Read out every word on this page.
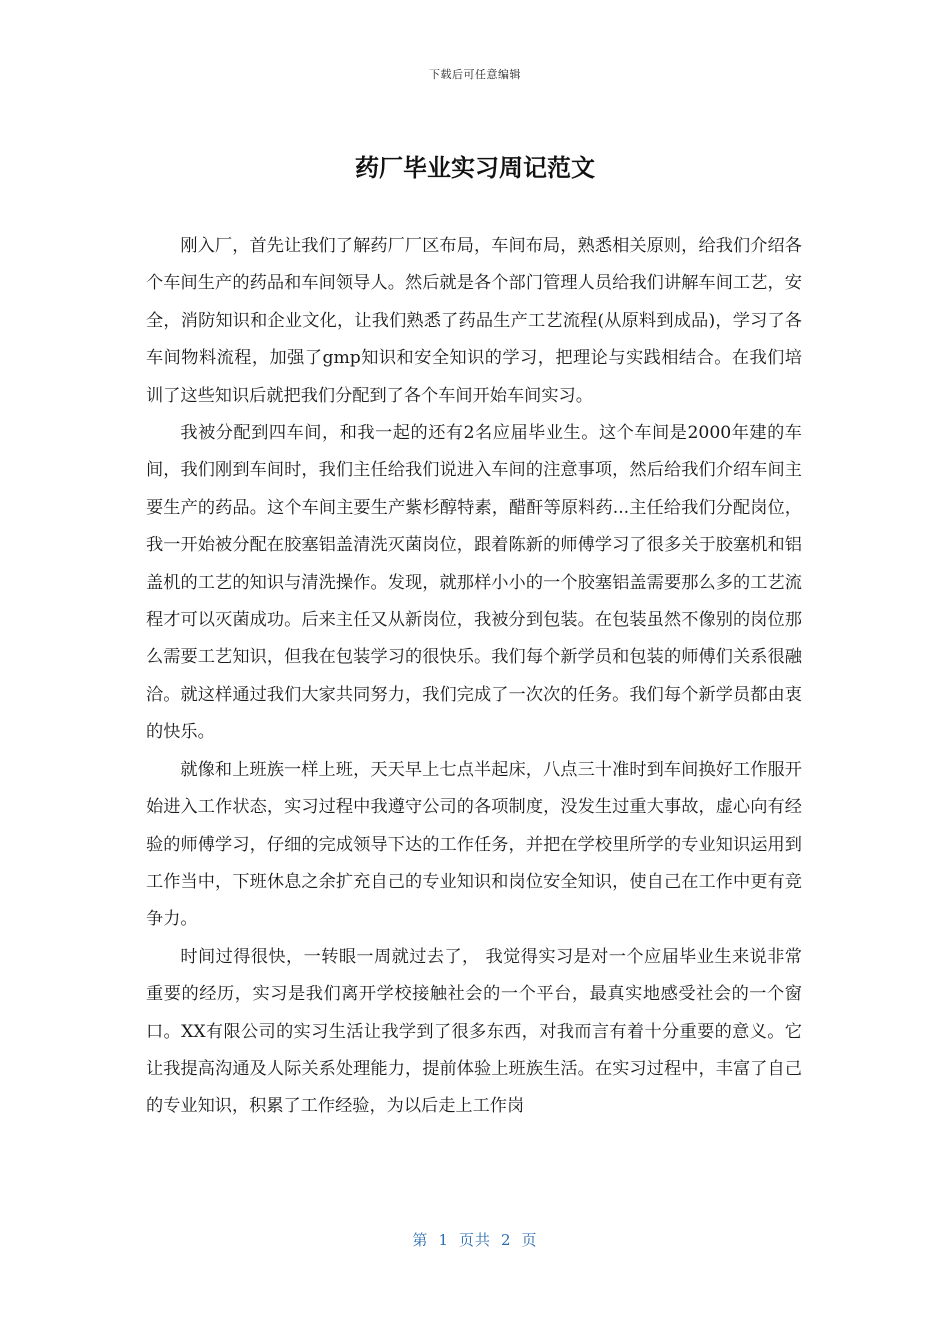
下载后可任意编辑
药厂毕业实习周记范文

刚入厂，首先让我们了解药厂厂区布局，车间布局，熟悉相关原则，给我们介绍各个车间生产的药品和车间领导人。然后就是各个部门管理人员给我们讲解车间工艺，安全，消防知识和企业文化，让我们熟悉了药品生产工艺流程(从原料到成品)，学习了各车间物料流程，加强了gmp知识和安全知识的学习，把理论与实践相结合。在我们培训了这些知识后就把我们分配到了各个车间开始车间实习。

我被分配到四车间，和我一起的还有2名应届毕业生。这个车间是2000年建的车间，我们刚到车间时，我们主任给我们说进入车间的注意事项，然后给我们介绍车间主要生产的药品。这个车间主要生产紫杉醇特素，醋酐等原料药...主任给我们分配岗位，我一开始被分配在胶塞铝盖清洗灭菌岗位，跟着陈新的师傅学习了很多关于胶塞机和铝盖机的工艺的知识与清洗操作。发现，就那样小小的一个胶塞铝盖需要那么多的工艺流程才可以灭菌成功。后来主任又从新岗位，我被分到包装。在包装虽然不像别的岗位那么需要工艺知识，但我在包装学习的很快乐。我们每个新学员和包装的师傅们关系很融洽。就这样通过我们大家共同努力，我们完成了一次次的任务。我们每个新学员都由衷的快乐。

就像和上班族一样上班，天天早上七点半起床，八点三十准时到车间换好工作服开始进入工作状态，实习过程中我遵守公司的各项制度，没发生过重大事故，虚心向有经验的师傅学习，仔细的完成领导下达的工作任务，并把在学校里所学的专业知识运用到工作当中，下班休息之余扩充自己的专业知识和岗位安全知识，使自己在工作中更有竞争力。

时间过得很快，一转眼一周就过去了， 我觉得实习是对一个应届毕业生来说非常重要的经历，实习是我们离开学校接触社会的一个平台，最真实地感受社会的一个窗口。XX有限公司的实习生活让我学到了很多东西，对我而言有着十分重要的意义。它让我提高沟通及人际关系处理能力，提前体验上班族生活。在实习过程中，丰富了自己的专业知识，积累了工作经验，为以后走上工作岗

第 1 页共 2 页
